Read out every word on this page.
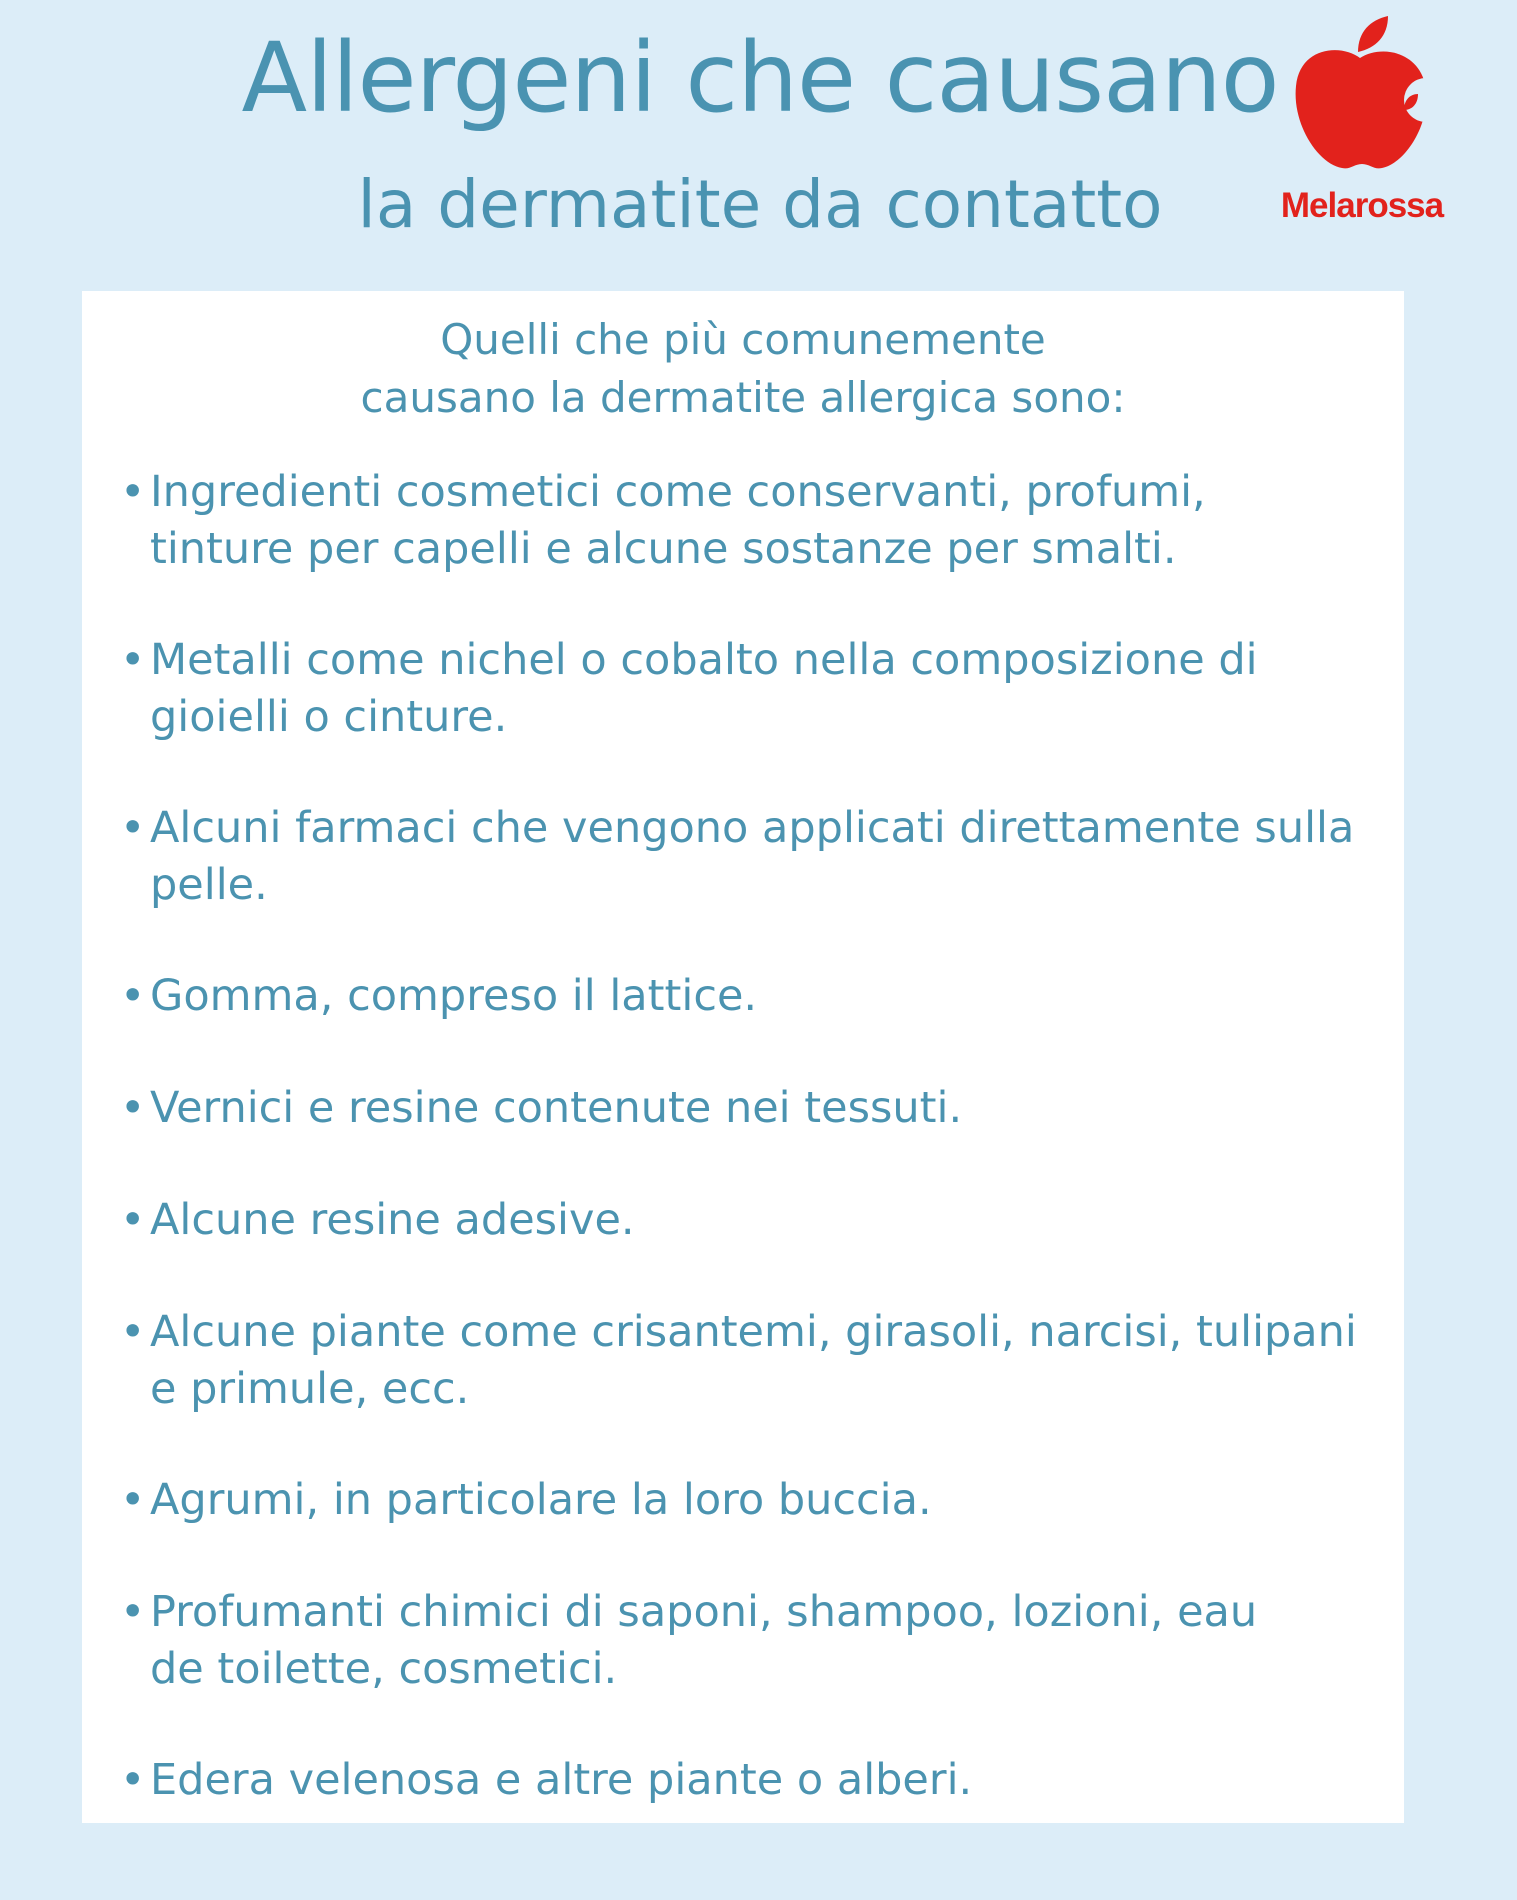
Allergeni che causano
la dermatite da contatto	Melarossa
Quelli che più comunemente
causano la dermatite allergica sono:
• Ingredienti cosmetici come conservanti, profumi,
tinture per capelli e alcune sostanze per smalti.
• Metalli come nichel o cobalto nella composizione di
gioielli o cinture.
• Alcuni farmaci che vengono applicati direttamente sulla
pelle.
• Gomma, compreso il lattice.
• Vernici e resine contenute nei tessuti.
• Alcune resine adesive.
• Alcune piante come crisantemi, girasoli, narcisi, tulipani
e primule, ecc.
• Agrumi, in particolare la loro buccia.
• Profumanti chimici di saponi, shampoo, lozioni, eau
de toilette, cosmetici.
• Edera velenosa e altre piante o alberi.
